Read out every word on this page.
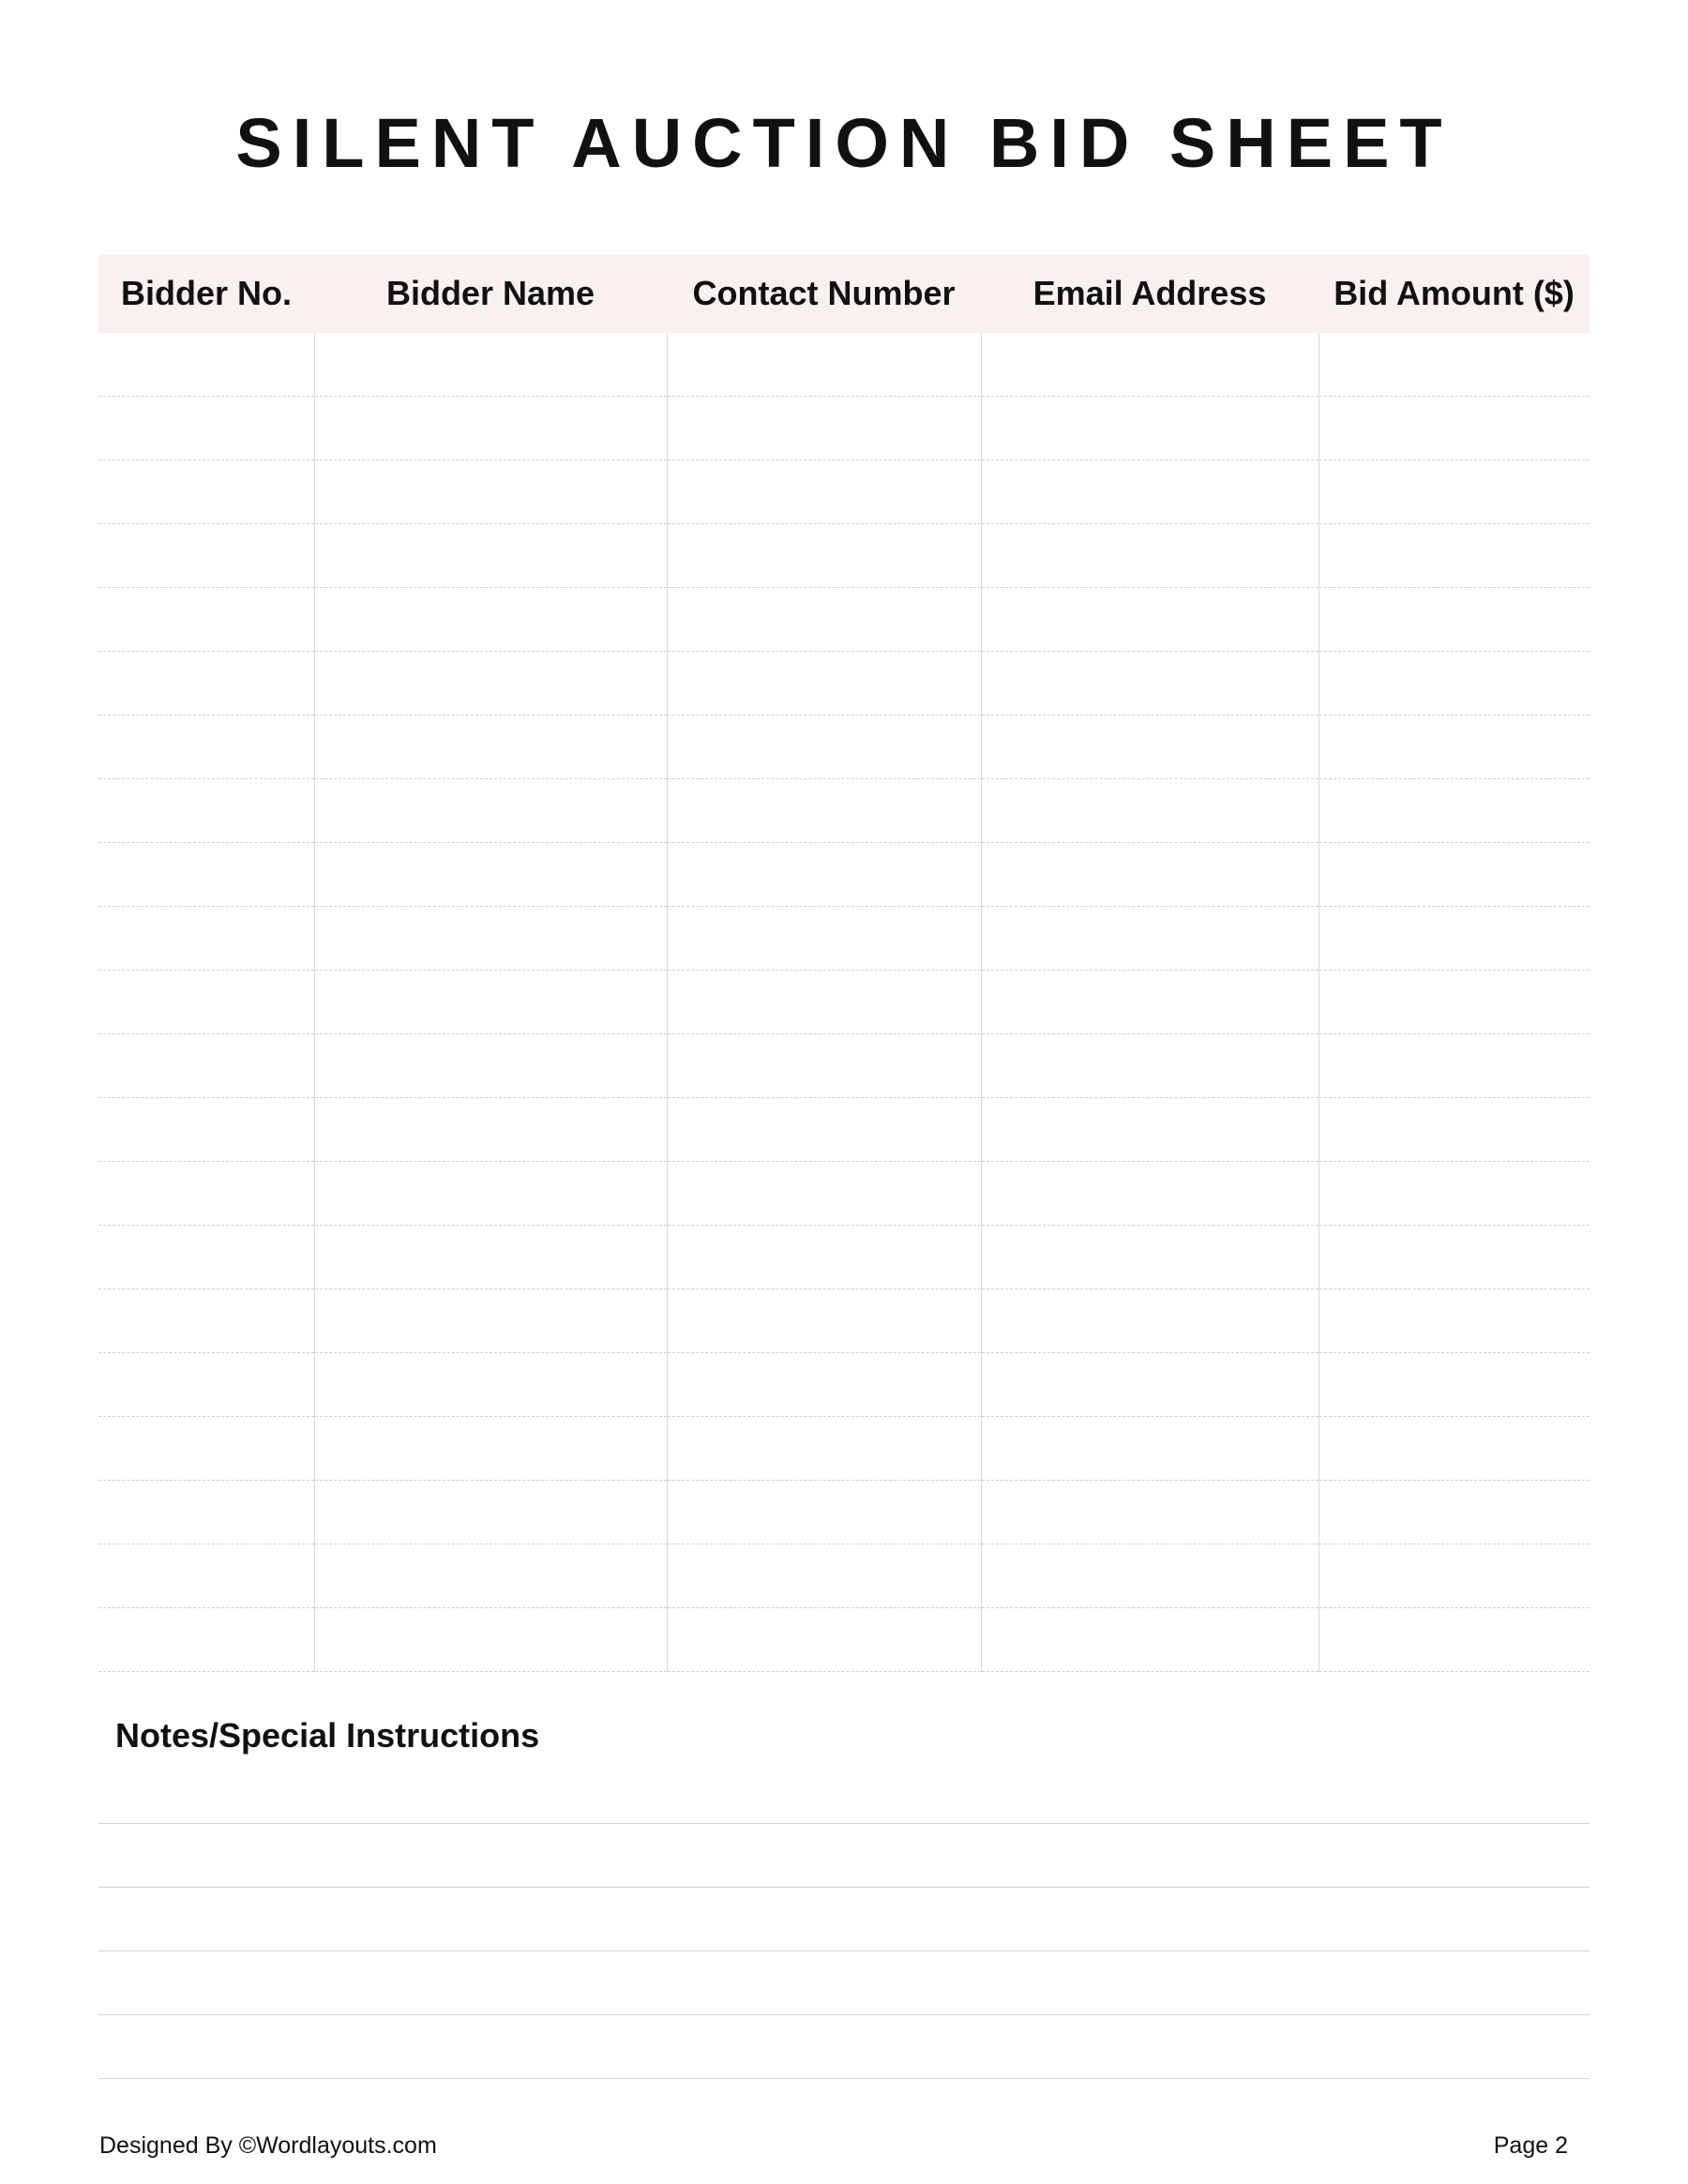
SILENT AUCTION BID SHEET
Bidder No.	Bidder Name	Contact Number	Email Address	Bid Amount ($)

Notes/Special Instructions
Designed By ©Wordlayouts.com	Page 2
